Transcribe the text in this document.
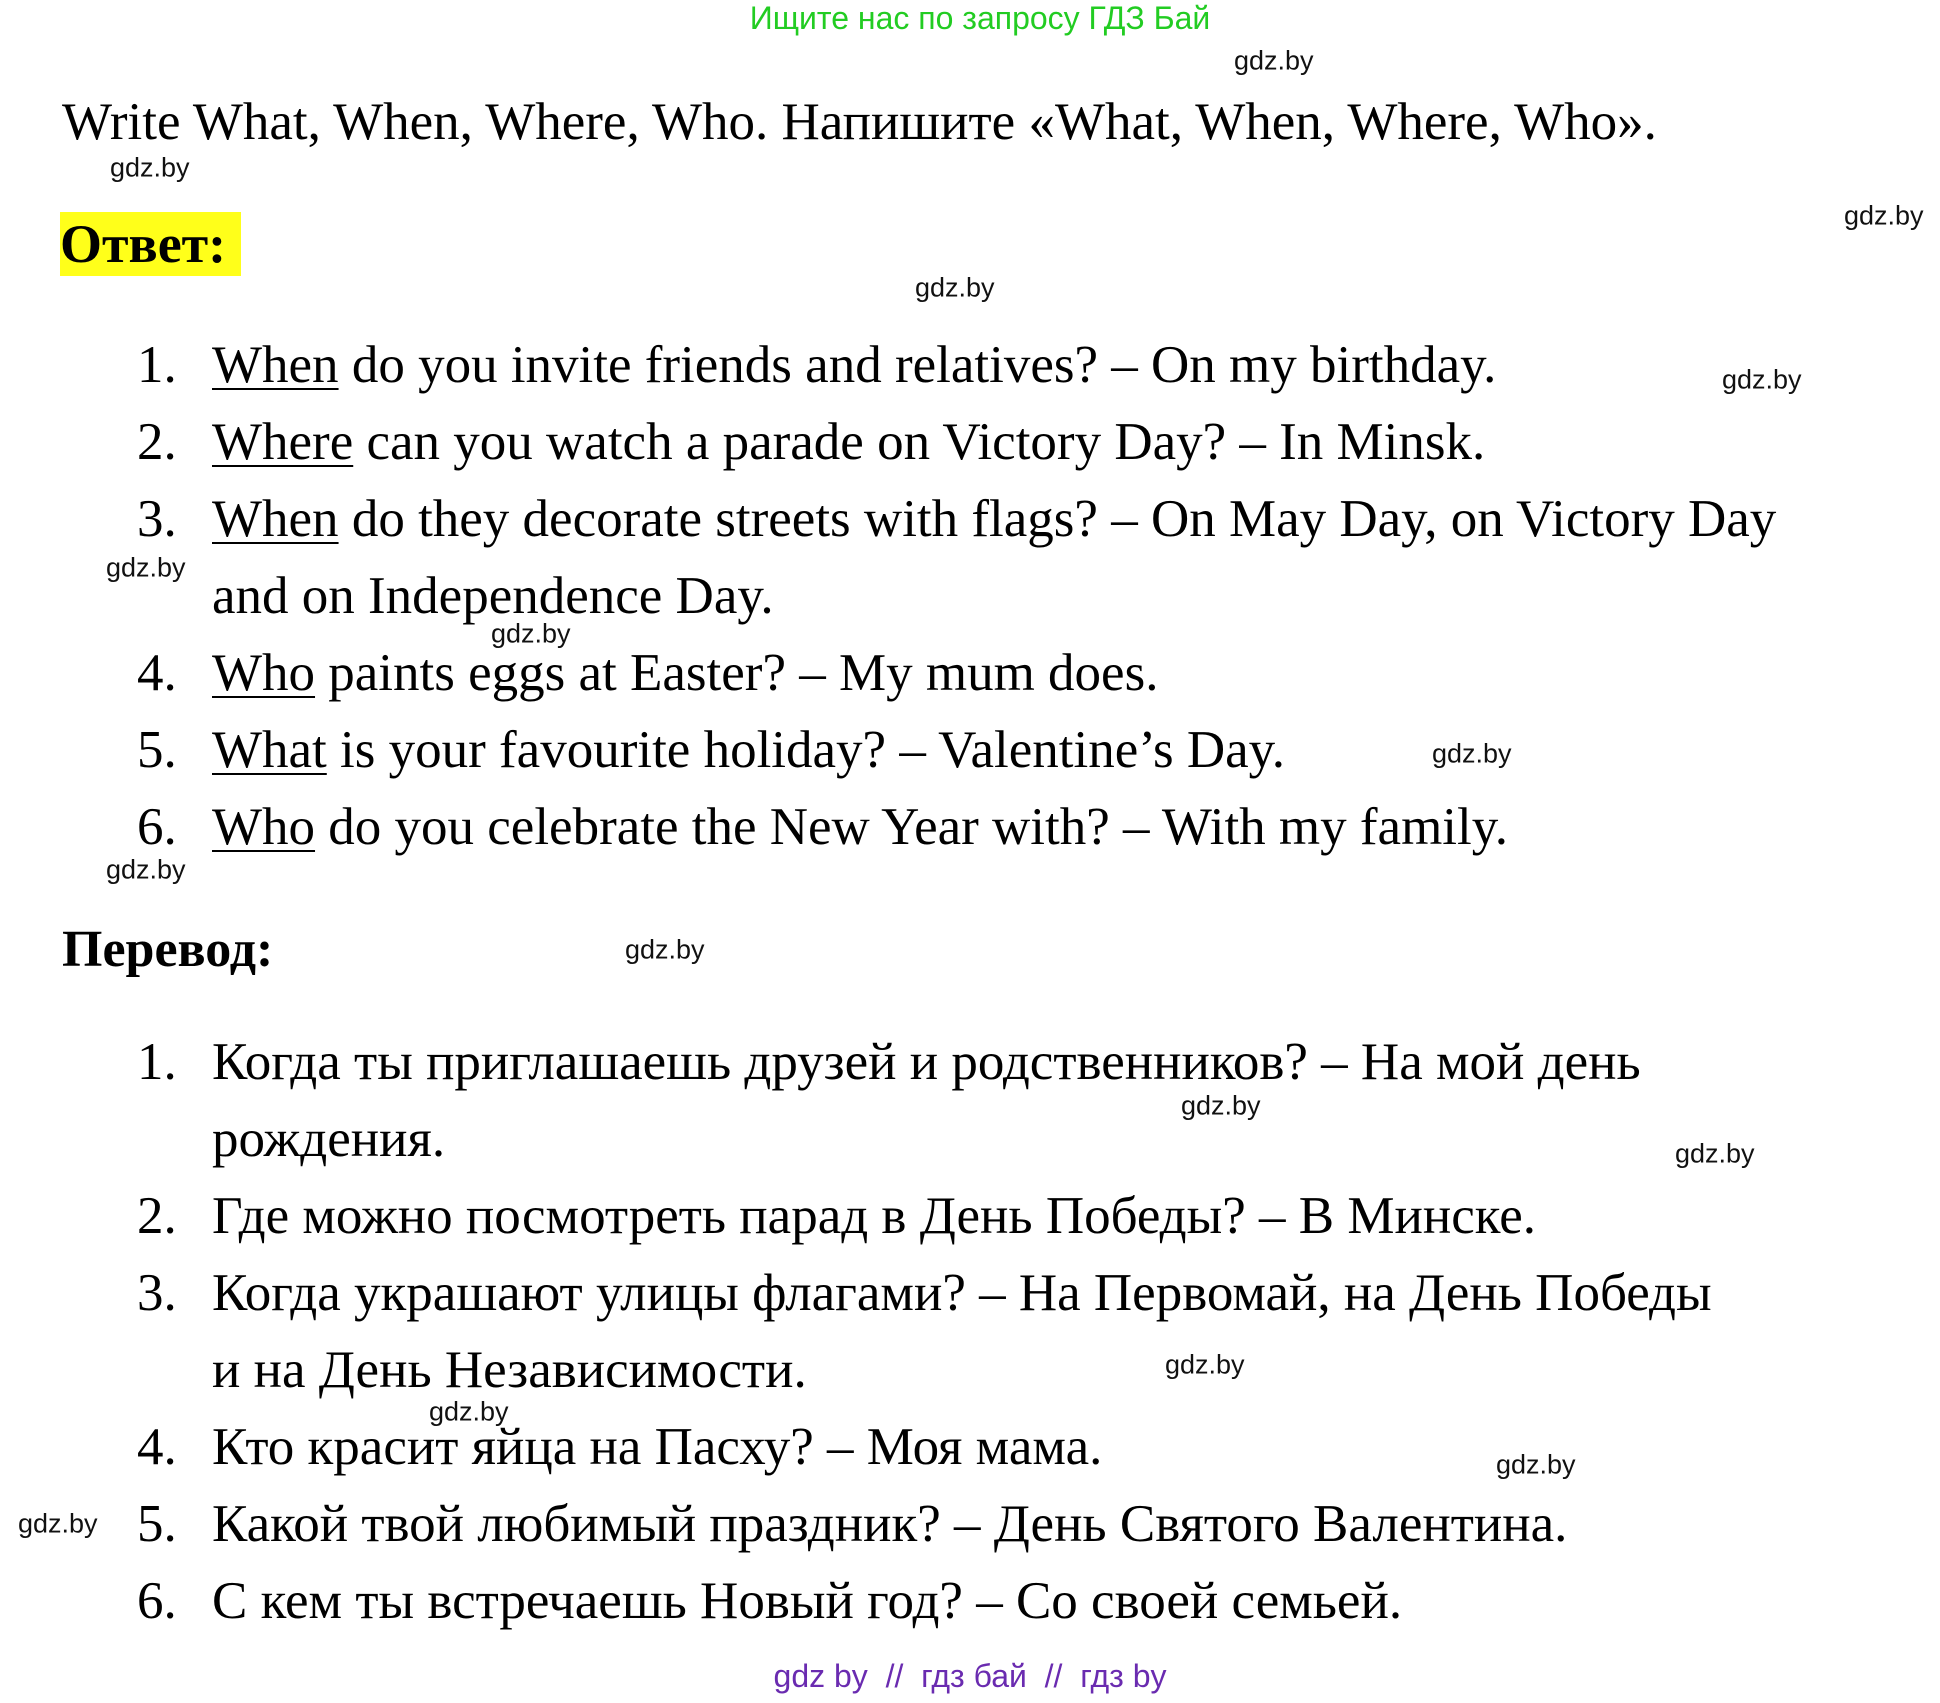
Ищите нас по запросу ГДЗ Бай
Write What, When, Where, Who. Напишите «What, When, Where, Who».
Ответ:
1. When do you invite friends and relatives? – On my birthday.
2. Where can you watch a parade on Victory Day? – In Minsk.
3. When do they decorate streets with flags? – On May Day, on Victory Day and on Independence Day.
4. Who paints eggs at Easter? – My mum does.
5. What is your favourite holiday? – Valentine’s Day.
6. Who do you celebrate the New Year with? – With my family.
Перевод:
1. Когда ты приглашаешь друзей и родственников? – На мой день рождения.
2. Где можно посмотреть парад в День Победы? – В Минске.
3. Когда украшают улицы флагами? – На Первомай, на День Победы и на День Независимости.
4. Кто красит яйца на Пасху? – Моя мама.
5. Какой твой любимый праздник? – День Святого Валентина.
6. С кем ты встречаешь Новый год? – Со своей семьей.
gdz.by
gdz.by
gdz.by
gdz.by
gdz.by
gdz.by
gdz.by
gdz.by
gdz.by
gdz.by
gdz.by
gdz.by
gdz.by
gdz.by
gdz.by
gdz.by
gdz by  //  гдз бай  //  гдз by
